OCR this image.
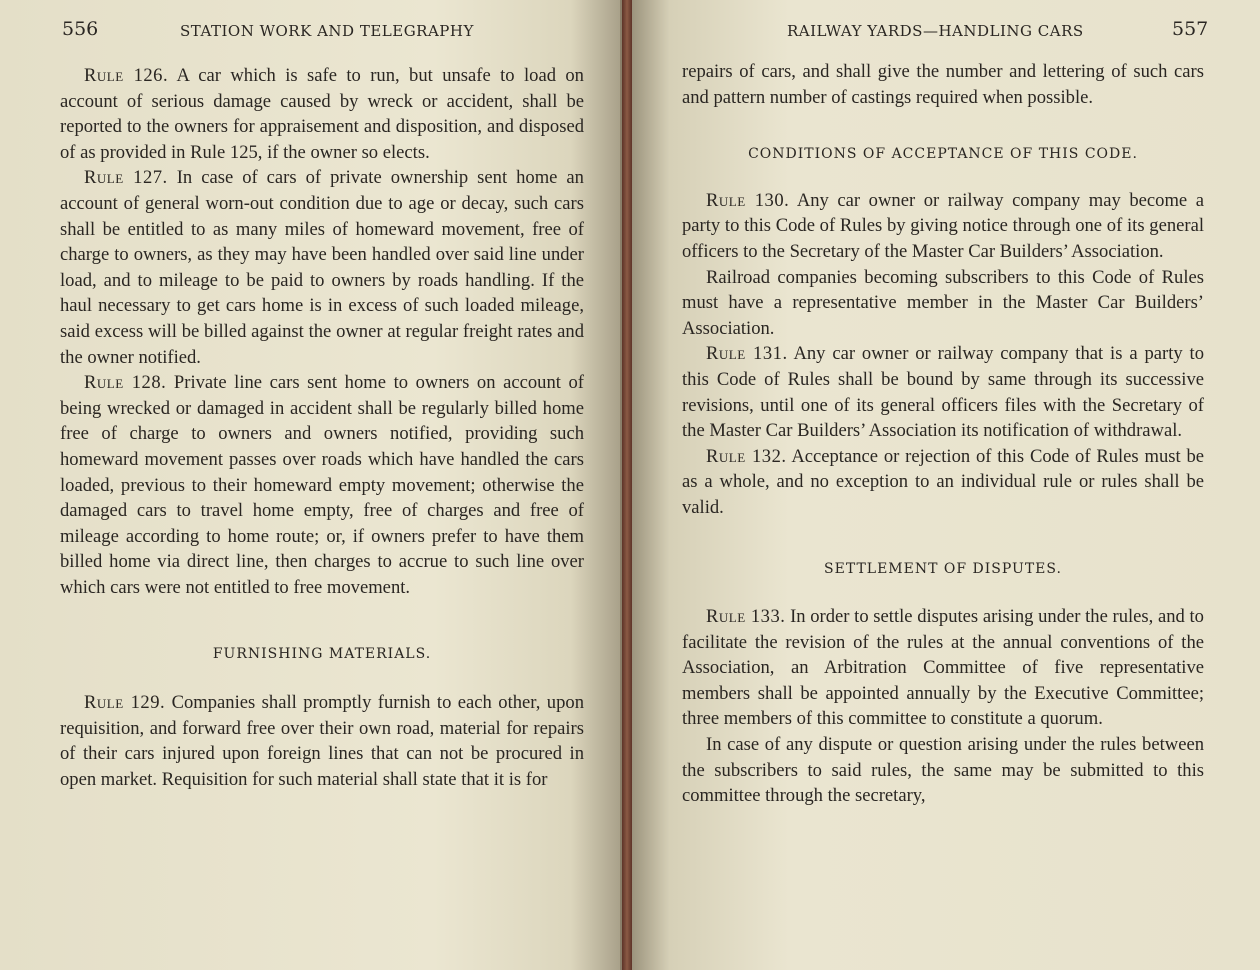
556	STATION WORK AND TELEGRAPHY

Rule 126. A car which is safe to run, but unsafe to load on account of serious damage caused by wreck or accident, shall be reported to the owners for appraisement and disposition, and disposed of as provided in Rule 125, if the owner so elects.

Rule 127. In case of cars of private ownership sent home an account of general worn-out condition due to age or decay, such cars shall be entitled to as many miles of homeward movement, free of charge to owners, as they may have been handled over said line under load, and to mileage to be paid to owners by roads handling. If the haul necessary to get cars home is in excess of such loaded mileage, said excess will be billed against the owner at regular freight rates and the owner notified.

Rule 128. Private line cars sent home to owners on account of being wrecked or damaged in accident shall be regularly billed home free of charge to owners and owners notified, providing such homeward movement passes over roads which have handled the cars loaded, previous to their homeward empty movement; otherwise the damaged cars to travel home empty, free of charges and free of mileage according to home route; or, if owners prefer to have them billed home via direct line, then charges to accrue to such line over which cars were not entitled to free movement.

FURNISHING MATERIALS.

Rule 129. Companies shall promptly furnish to each other, upon requisition, and forward free over their own road, material for repairs of their cars injured upon foreign lines that can not be procured in open market. Requisition for such material shall state that it is for

RAILWAY YARDS—HANDLING CARS	557

repairs of cars, and shall give the number and lettering of such cars and pattern number of castings required when possible.

CONDITIONS OF ACCEPTANCE OF THIS CODE.

Rule 130. Any car owner or railway company may become a party to this Code of Rules by giving notice through one of its general officers to the Secretary of the Master Car Builders’ Association.

Railroad companies becoming subscribers to this Code of Rules must have a representative member in the Master Car Builders’ Association.

Rule 131. Any car owner or railway company that is a party to this Code of Rules shall be bound by same through its successive revisions, until one of its general officers files with the Secretary of the Master Car Builders’ Association its notification of withdrawal.

Rule 132. Acceptance or rejection of this Code of Rules must be as a whole, and no exception to an individual rule or rules shall be valid.

SETTLEMENT OF DISPUTES.

Rule 133. In order to settle disputes arising under the rules, and to facilitate the revision of the rules at the annual conventions of the Association, an Arbitration Committee of five representative members shall be appointed annually by the Executive Committee; three members of this committee to constitute a quorum.

In case of any dispute or question arising under the rules between the subscribers to said rules, the same may be submitted to this committee through the secretary,
